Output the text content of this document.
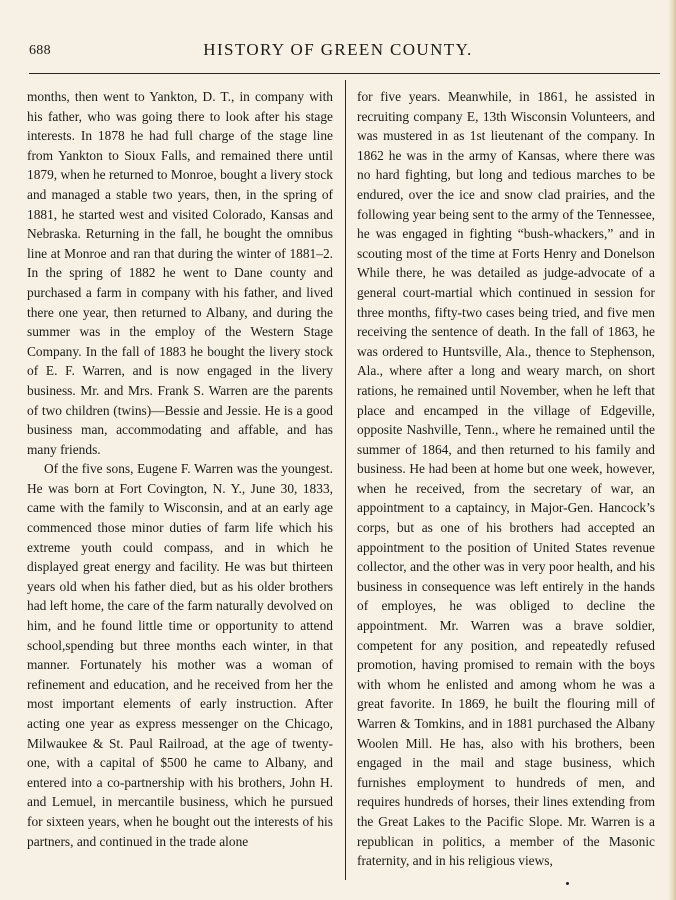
688	HISTORY OF GREEN COUNTY.

months, then went to Yankton, D. T., in company with his father, who was going there to look after his stage interests. In 1878 he had full charge of the stage line from Yankton to Sioux Falls, and remained there until 1879, when he returned to Monroe, bought a livery stock and managed a stable two years, then, in the spring of 1881, he started west and visited Colorado, Kansas and Nebraska. Returning in the fall, he bought the omnibus line at Monroe and ran that during the winter of 1881–2. In the spring of 1882 he went to Dane county and purchased a farm in company with his father, and lived there one year, then returned to Albany, and during the summer was in the employ of the Western Stage Company. In the fall of 1883 he bought the livery stock of E. F. Warren, and is now engaged in the livery business. Mr. and Mrs. Frank S. Warren are the parents of two children (twins)—Bessie and Jessie. He is a good business man, accommodating and affable, and has many friends.

Of the five sons, Eugene F. Warren was the youngest. He was born at Fort Covington, N. Y., June 30, 1833, came with the family to Wisconsin, and at an early age commenced those minor duties of farm life which his extreme youth could compass, and in which he displayed great energy and facility. He was but thirteen years old when his father died, but as his older brothers had left home, the care of the farm naturally devolved on him, and he found little time or opportunity to attend school,spending but three months each winter, in that manner. Fortunately his mother was a woman of refinement and education, and he received from her the most important elements of early instruction. After acting one year as express messenger on the Chicago, Milwaukee & St. Paul Railroad, at the age of twenty-one, with a capital of $500 he came to Albany, and entered into a co-partnership with his brothers, John H. and Lemuel, in mercantile business, which he pursued for sixteen years, when he bought out the interests of his partners, and continued in the trade alone

for five years. Meanwhile, in 1861, he assisted in recruiting company E, 13th Wisconsin Volunteers, and was mustered in as 1st lieutenant of the company. In 1862 he was in the army of Kansas, where there was no hard fighting, but long and tedious marches to be endured, over the ice and snow clad prairies, and the following year being sent to the army of the Tennessee, he was engaged in fighting “bush-whackers,” and in scouting most of the time at Forts Henry and Donelson While there, he was detailed as judge-advocate of a general court-martial which continued in session for three months, fifty-two cases being tried, and five men receiving the sentence of death. In the fall of 1863, he was ordered to Huntsville, Ala., thence to Stephenson, Ala., where after a long and weary march, on short rations, he remained until November, when he left that place and encamped in the village of Edgeville, opposite Nashville, Tenn., where he remained until the summer of 1864, and then returned to his family and business. He had been at home but one week, however, when he received, from the secretary of war, an appointment to a captaincy, in Major-Gen. Hancock’s corps, but as one of his brothers had accepted an appointment to the position of United States revenue collector, and the other was in very poor health, and his business in consequence was left entirely in the hands of employes, he was obliged to decline the appointment. Mr. Warren was a brave soldier, competent for any position, and repeatedly refused promotion, having promised to remain with the boys with whom he enlisted and among whom he was a great favorite. In 1869, he built the flouring mill of Warren & Tomkins, and in 1881 purchased the Albany Woolen Mill. He has, also with his brothers, been engaged in the mail and stage business, which furnishes employment to hundreds of men, and requires hundreds of horses, their lines extending from the Great Lakes to the Pacific Slope. Mr. Warren is a republican in politics, a member of the Masonic fraternity, and in his religious views,
